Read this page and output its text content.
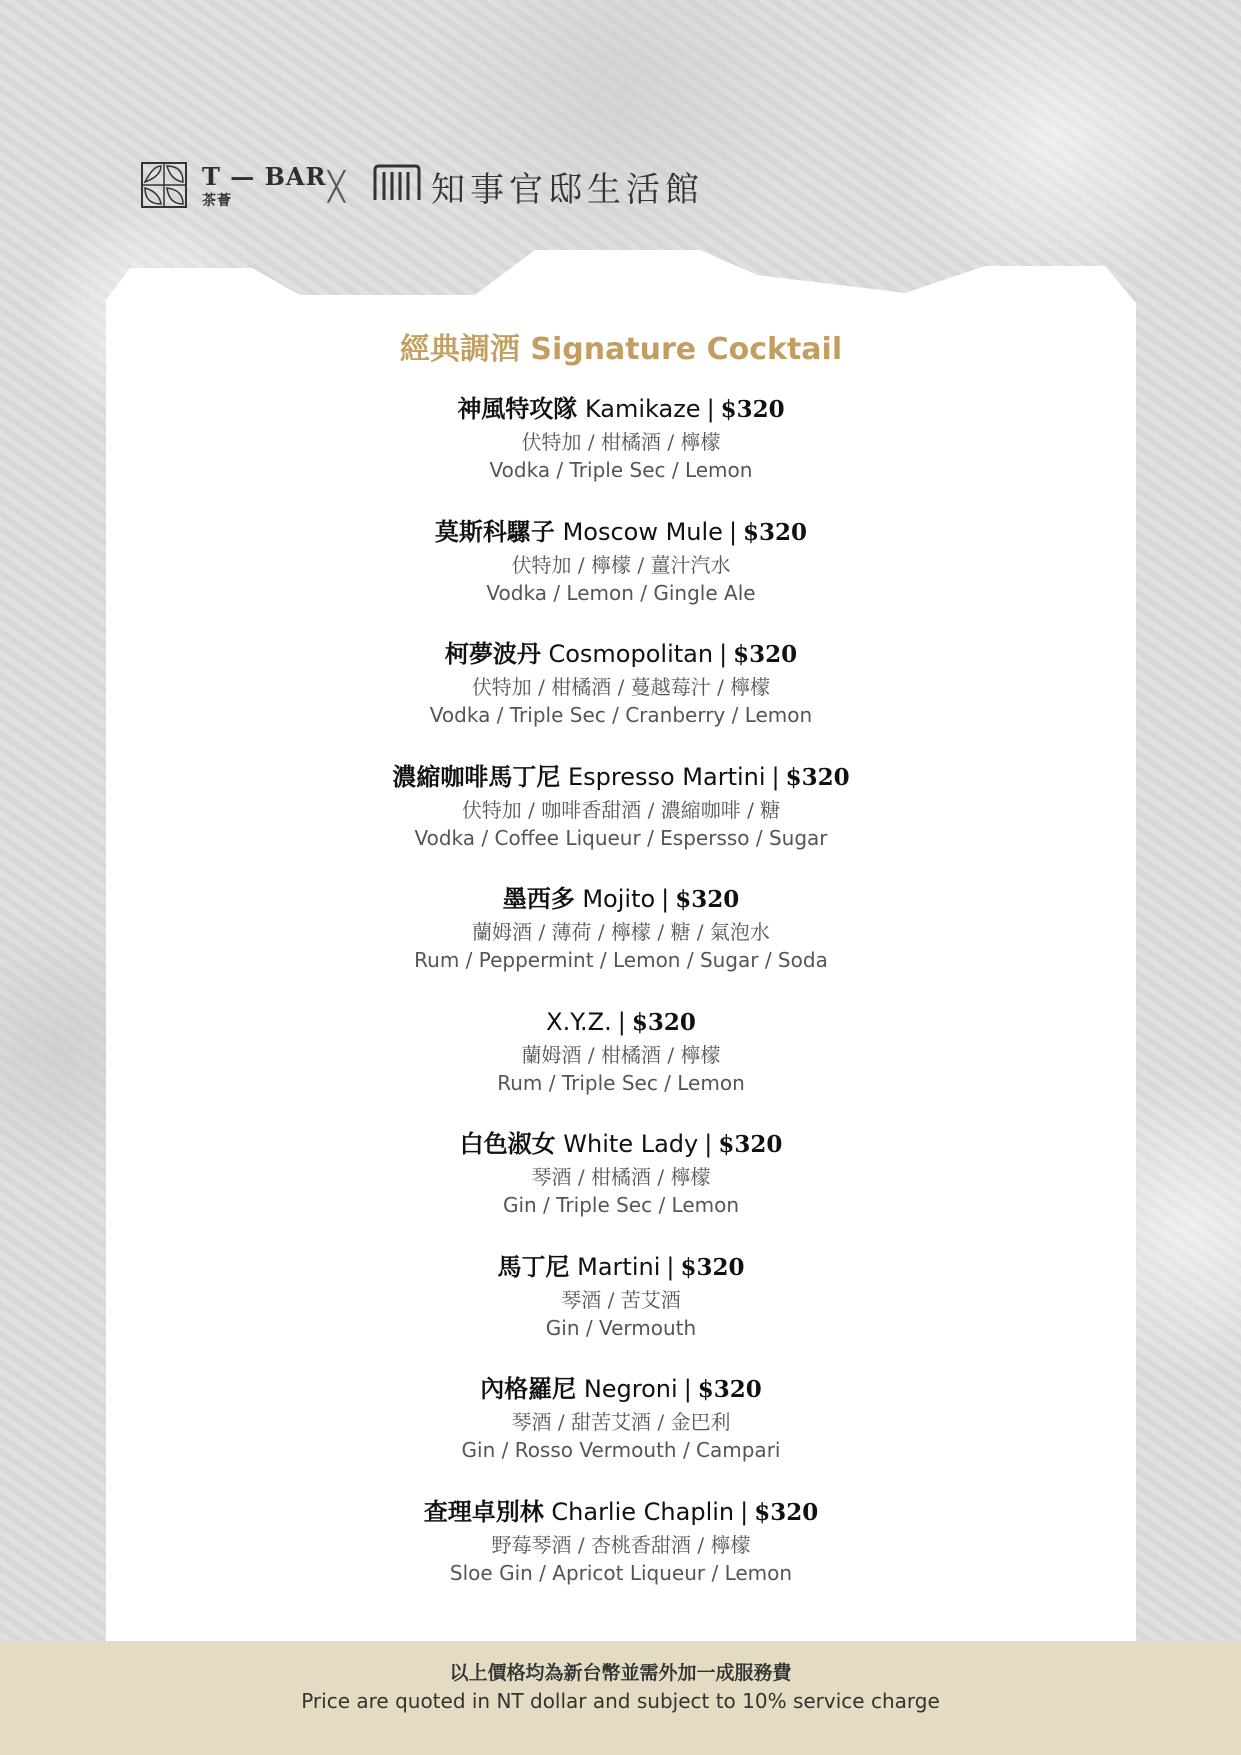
T — BAR
茶薈	╳	知事官邸生活館
經典調酒 Signature Cocktail
神風特攻隊 Kamikaze | $320
伏特加 / 柑橘酒 / 檸檬
Vodka / Triple Sec / Lemon
莫斯科騾子 Moscow Mule | $320
伏特加 / 檸檬 / 薑汁汽水
Vodka / Lemon / Gingle Ale
柯夢波丹 Cosmopolitan | $320
伏特加 / 柑橘酒 / 蔓越莓汁 / 檸檬
Vodka / Triple Sec / Cranberry / Lemon
濃縮咖啡馬丁尼 Espresso Martini | $320
伏特加 / 咖啡香甜酒 / 濃縮咖啡 / 糖
Vodka / Coffee Liqueur / Espersso / Sugar
墨西多 Mojito | $320
蘭姆酒 / 薄荷 / 檸檬 / 糖 / 氣泡水
Rum / Peppermint / Lemon / Sugar / Soda
X.Y.Z. | $320
蘭姆酒 / 柑橘酒 / 檸檬
Rum / Triple Sec / Lemon
白色淑女 White Lady | $320
琴酒 / 柑橘酒 / 檸檬
Gin / Triple Sec / Lemon
馬丁尼 Martini | $320
琴酒 / 苦艾酒
Gin / Vermouth
內格羅尼 Negroni | $320
琴酒 / 甜苦艾酒 / 金巴利
Gin / Rosso Vermouth / Campari
查理卓別林 Charlie Chaplin | $320
野莓琴酒 / 杏桃香甜酒 / 檸檬
Sloe Gin / Apricot Liqueur / Lemon
以上價格均為新台幣並需外加一成服務費
Price are quoted in NT dollar and subject to 10% service charge
